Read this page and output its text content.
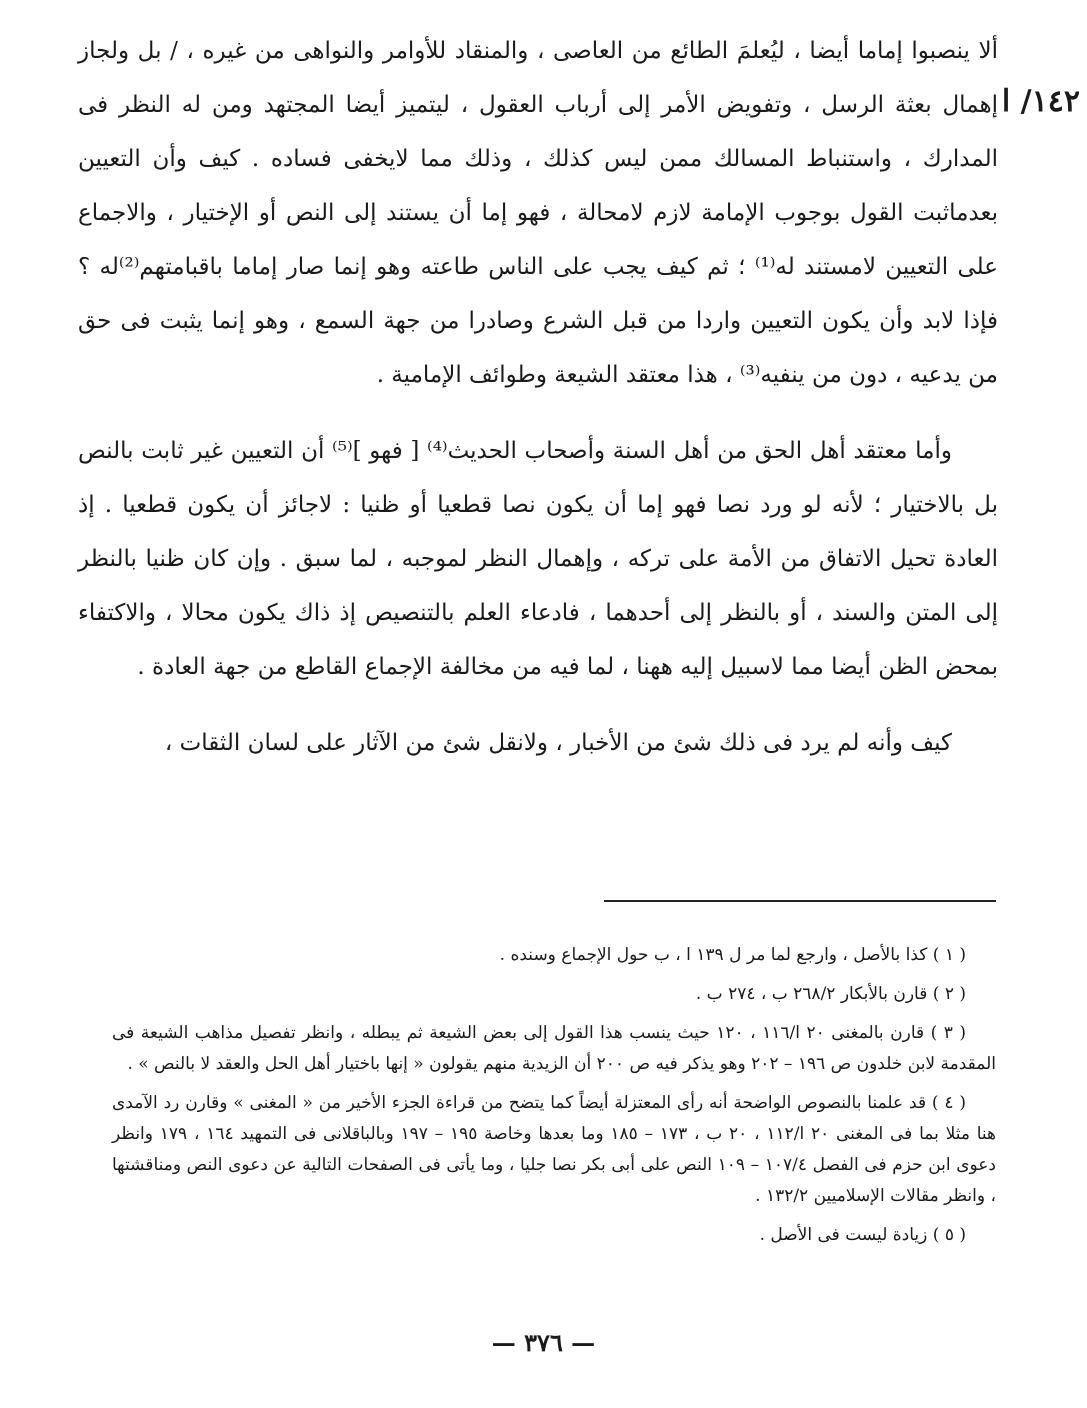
١٤٢/ ا

ألا ينصبوا إماما أيضا ، ليُعلمَ الطائع من العاصى ، والمنقاد للأوامر والنواهى من غيره ، / بل ولجاز إهمال بعثة الرسل ، وتفويض الأمر إلى أرباب العقول ، ليتميز أيضا المجتهد ومن له النظر فى المدارك ، واستنباط المسالك ممن ليس كذلك ، وذلك مما لايخفى فساده . كيف وأن التعيين بعدماثبت القول بوجوب الإمامة لازم لامحالة ، فهو إما أن يستند إلى النص أو الإختيار ، والاجماع على التعيين لامستند له⁽¹⁾ ؛ ثم كيف يجب على الناس طاعته وهو إنما صار إماما باقبامتهم⁽²⁾له ؟ فإذا لابد وأن يكون التعيين واردا من قبل الشرع وصادرا من جهة السمع ، وهو إنما يثبت فى حق من يدعيه ، دون من ينفيه⁽³⁾ ، هذا معتقد الشيعة وطوائف الإمامية .

وأما معتقد أهل الحق من أهل السنة وأصحاب الحديث⁽⁴⁾ [ فهو ]⁽⁵⁾ أن التعيين غير ثابت بالنص بل بالاختيار ؛ لأنه لو ورد نصا فهو إما أن يكون نصا قطعيا أو ظنيا : لاجائز أن يكون قطعيا . إذ العادة تحيل الاتفاق من الأمة على تركه ، وإهمال النظر لموجبه ، لما سبق . وإن كان ظنيا بالنظر إلى المتن والسند ، أو بالنظر إلى أحدهما ، فادعاء العلم بالتنصيص إذ ذاك يكون محالا ، والاكتفاء بمحض الظن أيضا مما لاسبيل إليه ههنا ، لما فيه من مخالفة الإجماع القاطع من جهة العادة .

كيف وأنه لم يرد فى ذلك شئ من الأخبار ، ولانقل شئ من الآثار على لسان الثقات ،

( ١ ) كذا بالأصل ، وارجع لما مر ل ١٣٩ ا ، ب حول الإجماع وسنده .

( ٢ ) قارن بالأبكار ٢٦٨/٢ ب ، ٢٧٤ ب .

( ٣ ) قارن بالمغنى ٢٠ ا/١١٦ ، ١٢٠ حيث ينسب هذا القول إلى بعض الشيعة ثم يبطله ، وانظر تفصيل مذاهب الشيعة فى المقدمة لابن خلدون ص ١٩٦ – ٢٠٢ وهو يذكر فيه ص ٢٠٠ أن الزيدية منهم يقولون « إنها باختيار أهل الحل والعقد لا بالنص » .

( ٤ ) قد علمنا بالنصوص الواضحة أنه رأى المعتزلة أيضاً كما يتضح من قراءة الجزء الأخير من « المغنى » وقارن رد الآمدى هنا مثلا بما فى المغنى ٢٠ ا/١١٢ ، ٢٠ ب ، ١٧٣ – ١٨٥ وما بعدها وخاصة ١٩٥ – ١٩٧ وبالباقلانى فى التمهيد ١٦٤ ، ١٧٩ وانظر دعوى ابن حزم فى الفصل ١٠٧/٤ – ١٠٩ النص على أبى بكر نصا جليا ، وما يأتى فى الصفحات التالية عن دعوى النص ومناقشتها ، وانظر مقالات الإسلاميين ١٣٢/٢ .

( ٥ ) زيادة ليست فى الأصل .

— ٣٧٦ —
